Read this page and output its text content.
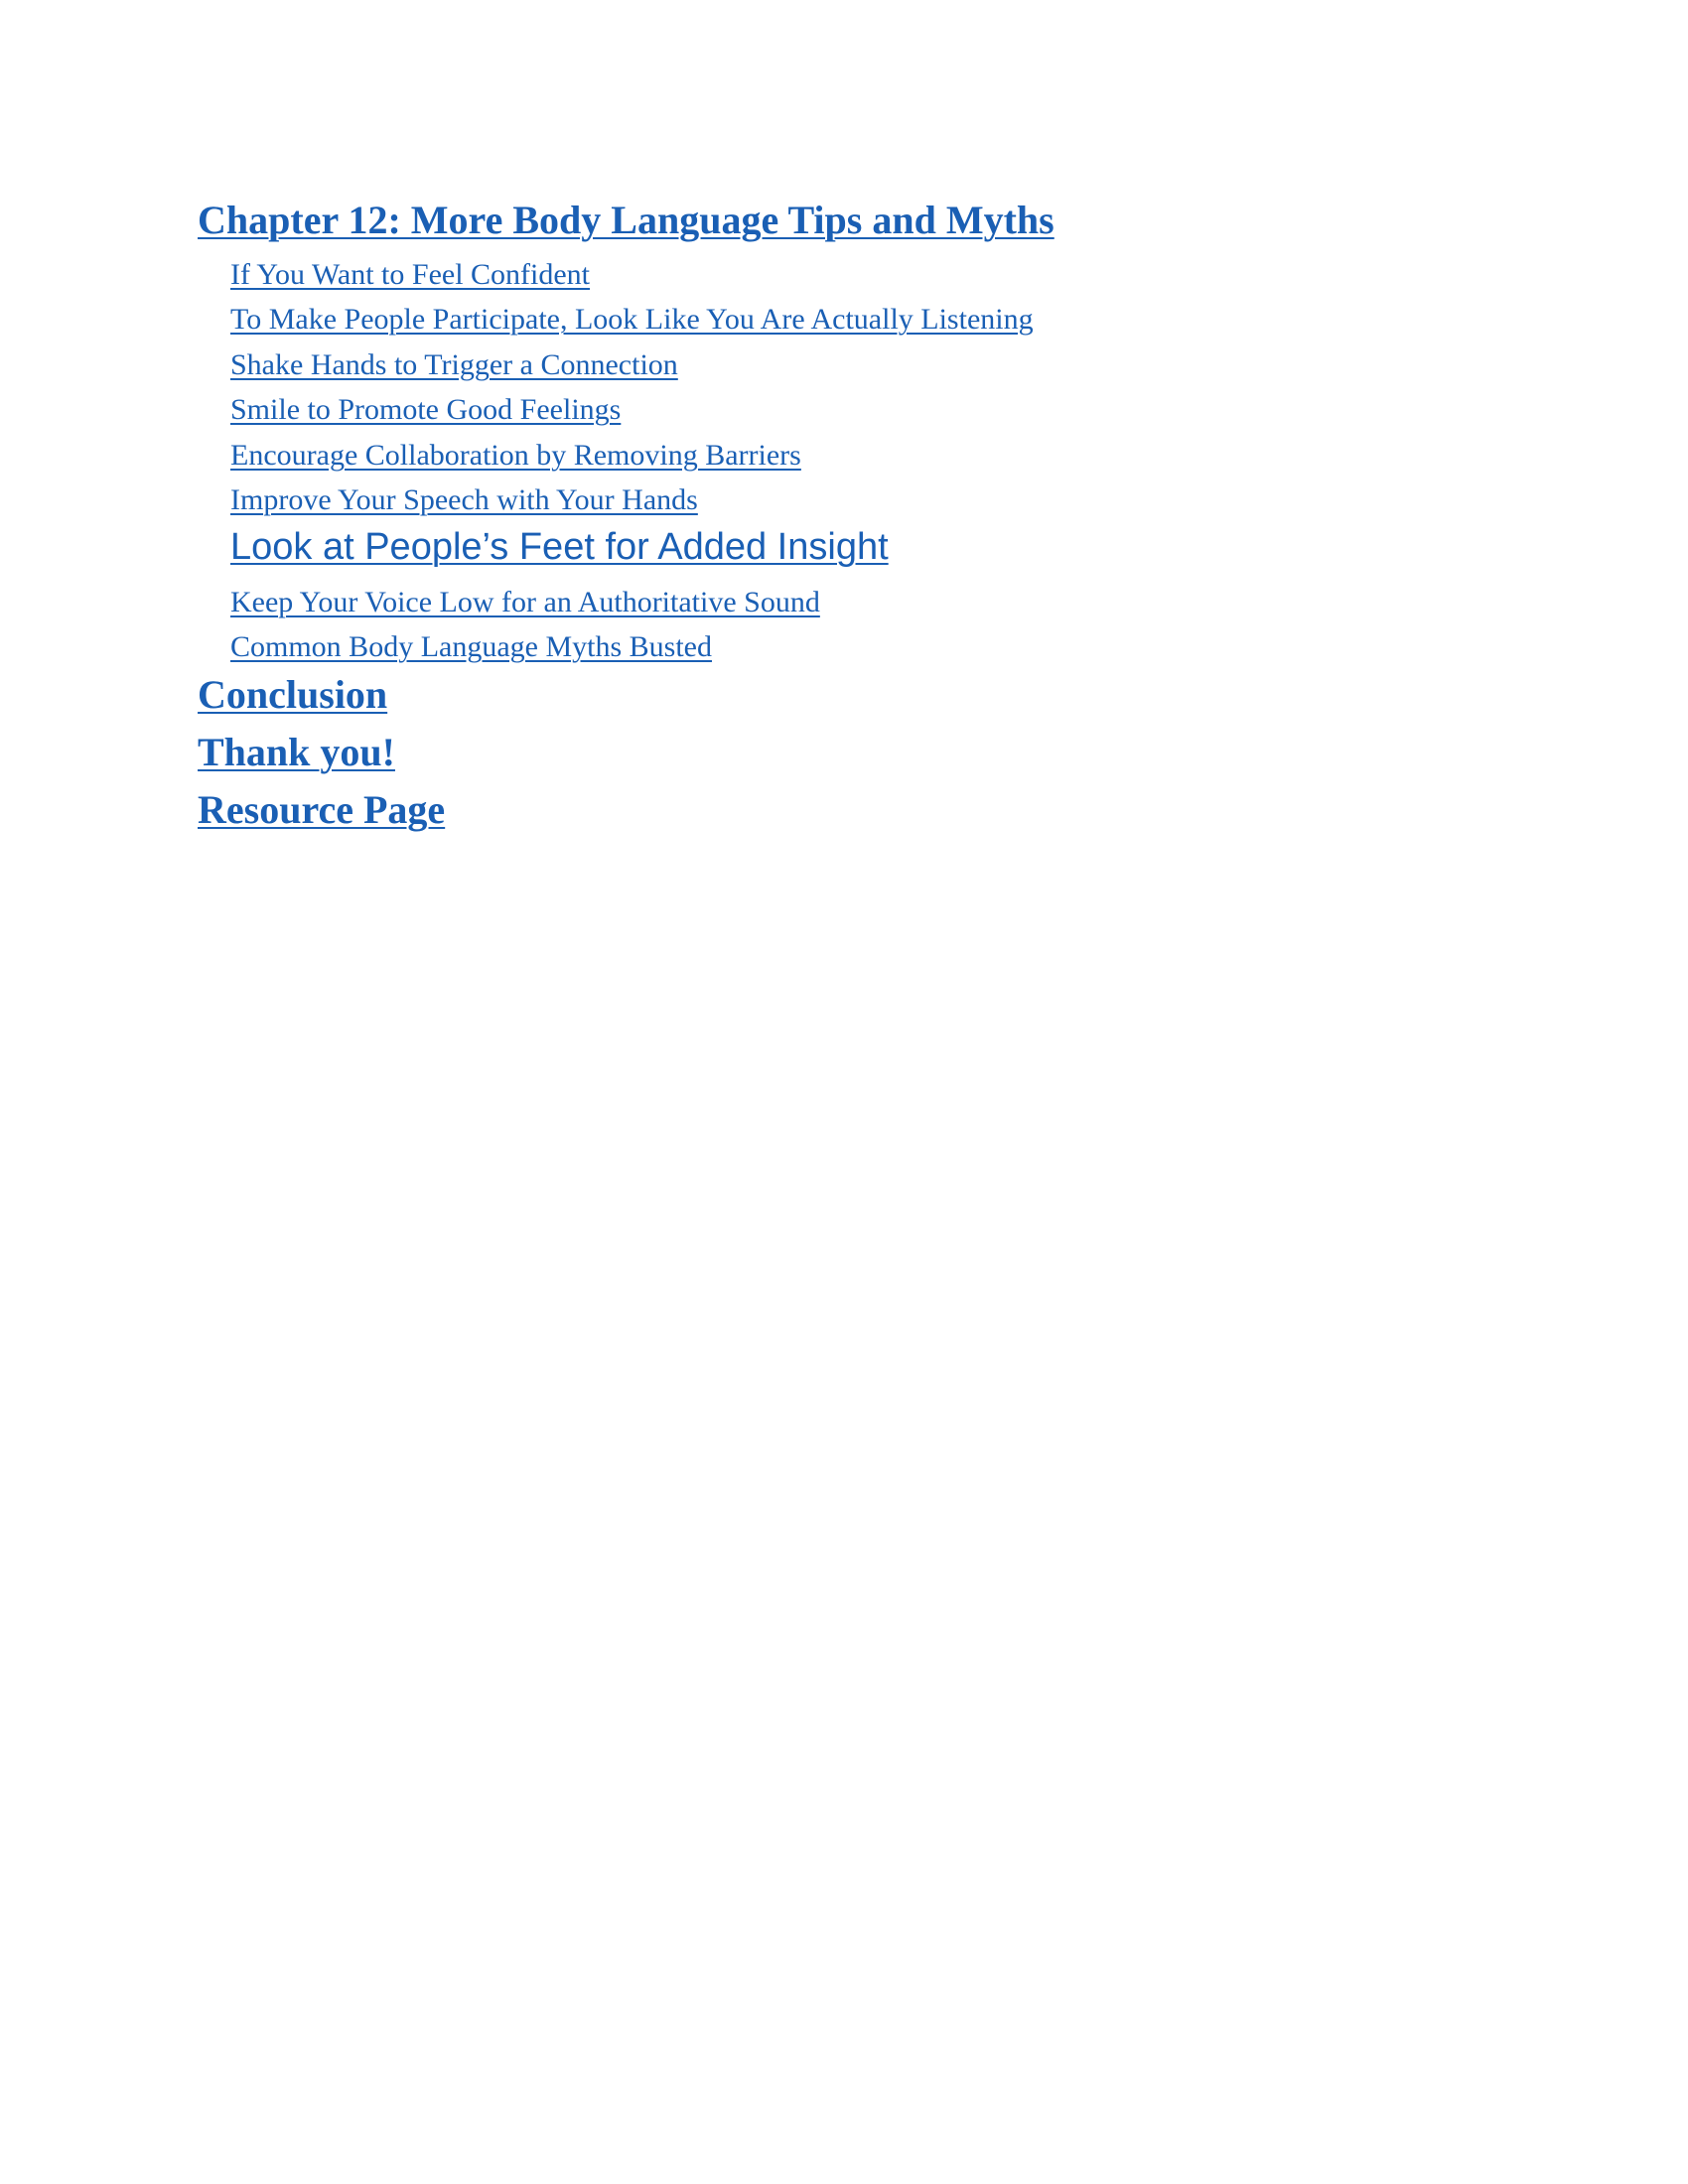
Chapter 12: More Body Language Tips and Myths
If You Want to Feel Confident
To Make People Participate, Look Like You Are Actually Listening
Shake Hands to Trigger a Connection
Smile to Promote Good Feelings
Encourage Collaboration by Removing Barriers
Improve Your Speech with Your Hands
Look at People’s Feet for Added Insight
Keep Your Voice Low for an Authoritative Sound
Common Body Language Myths Busted
Conclusion
Thank you!
Resource Page
